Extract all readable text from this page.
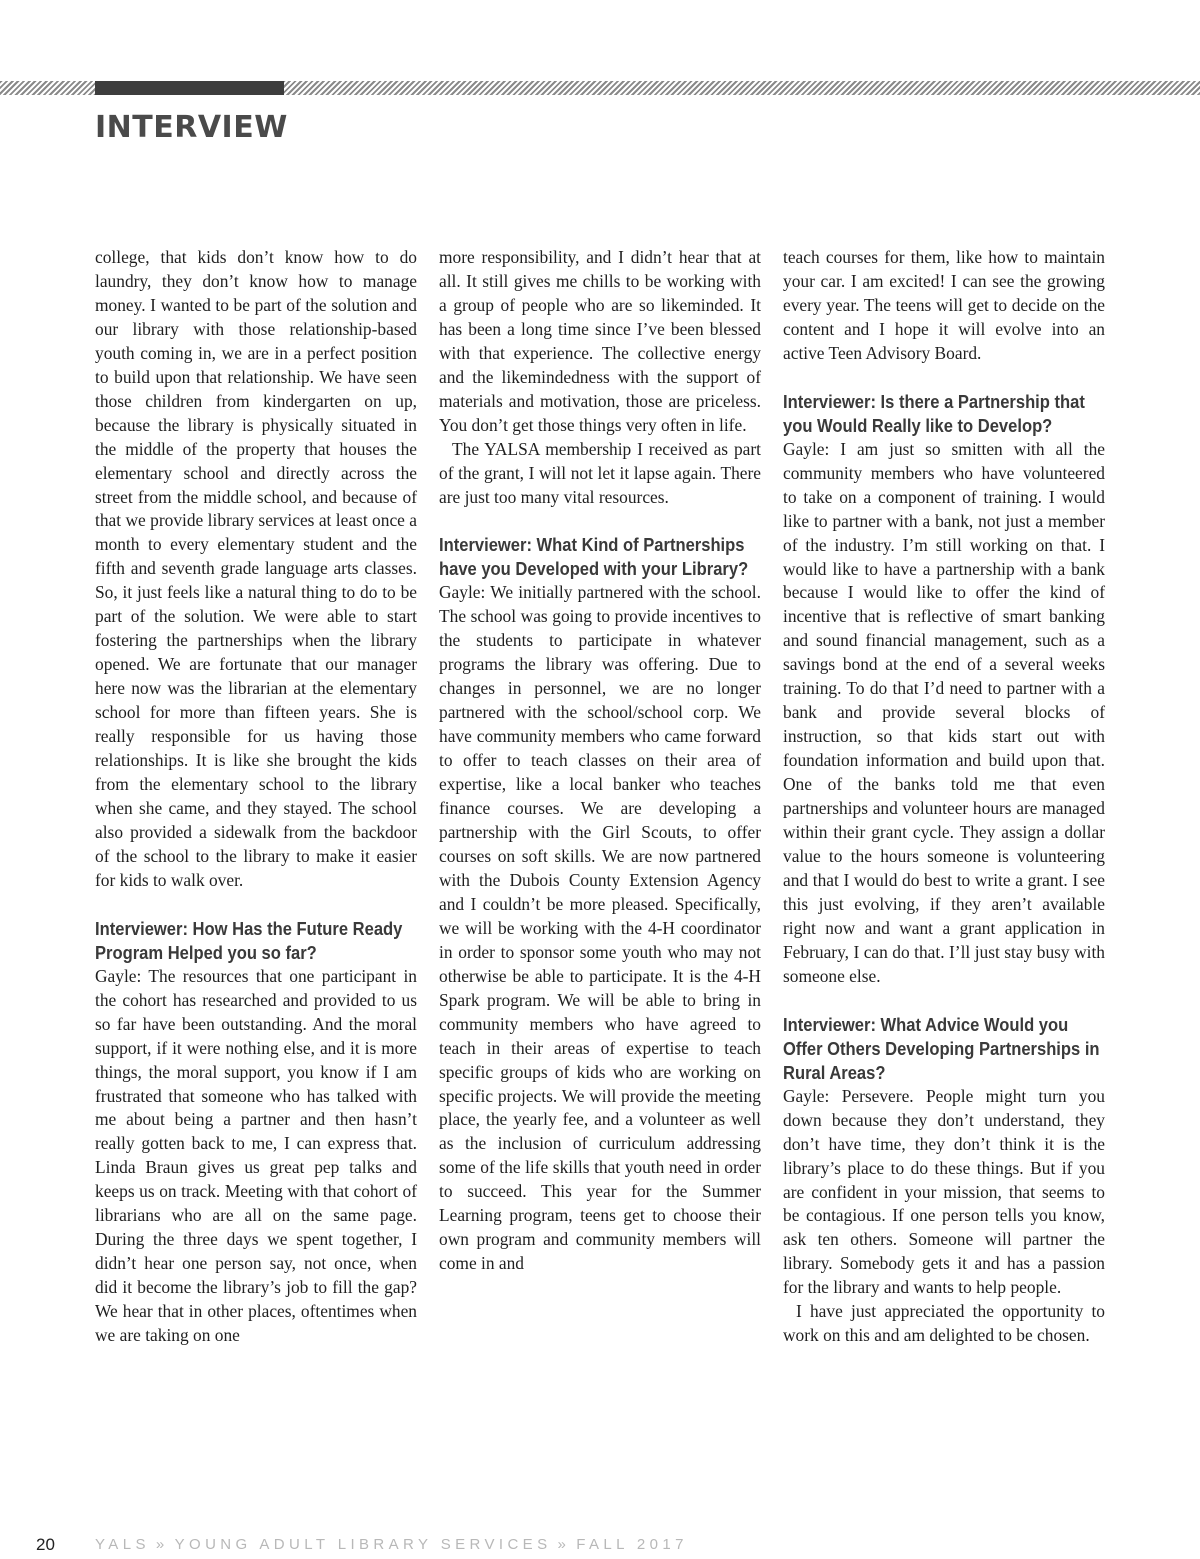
INTERVIEW

college, that kids don’t know how to do laundry, they don’t know how to manage money. I wanted to be part of the solution and our library with those relationship-based youth coming in, we are in a perfect position to build upon that relationship. We have seen those children from kindergarten on up, because the library is physically situated in the middle of the property that houses the elementary school and directly across the street from the middle school, and because of that we provide library services at least once a month to every elementary student and the fifth and seventh grade language arts classes. So, it just feels like a natural thing to do to be part of the solution. We were able to start fostering the partnerships when the library opened. We are fortunate that our manager here now was the librarian at the elementary school for more than fifteen years. She is really responsible for us having those relationships. It is like she brought the kids from the elementary school to the library when she came, and they stayed. The school also provided a sidewalk from the backdoor of the school to the library to make it easier for kids to walk over.

Interviewer: How Has the Future Ready Program Helped you so far?

Gayle: The resources that one participant in the cohort has researched and provided to us so far have been outstanding. And the moral support, if it were nothing else, and it is more things, the moral support, you know if I am frustrated that someone who has talked with me about being a partner and then hasn’t really gotten back to me, I can express that. Linda Braun gives us great pep talks and keeps us on track. Meeting with that cohort of librarians who are all on the same page. During the three days we spent together, I didn’t hear one person say, not once, when did it become the library’s job to fill the gap? We hear that in other places, oftentimes when we are taking on one

more responsibility, and I didn’t hear that at all. It still gives me chills to be working with a group of people who are so likeminded. It has been a long time since I’ve been blessed with that experience. The collective energy and the likemindedness with the support of materials and motivation, those are priceless. You don’t get those things very often in life.

The YALSA membership I received as part of the grant, I will not let it lapse again. There are just too many vital resources.

Interviewer: What Kind of Partnerships have you Developed with your Library?

Gayle: We initially partnered with the school. The school was going to provide incentives to the students to participate in whatever programs the library was offering. Due to changes in personnel, we are no longer partnered with the school/school corp. We have community members who came forward to offer to teach classes on their area of expertise, like a local banker who teaches finance courses. We are developing a partnership with the Girl Scouts, to offer courses on soft skills. We are now partnered with the Dubois County Extension Agency and I couldn’t be more pleased. Specifically, we will be working with the 4-H coordinator in order to sponsor some youth who may not otherwise be able to participate. It is the 4-H Spark program. We will be able to bring in community members who have agreed to teach in their areas of expertise to teach specific groups of kids who are working on specific projects. We will provide the meeting place, the yearly fee, and a volunteer as well as the inclusion of curriculum addressing some of the life skills that youth need in order to succeed. This year for the Summer Learning program, teens get to choose their own program and community members will come in and

teach courses for them, like how to maintain your car. I am excited! I can see the growing every year. The teens will get to decide on the content and I hope it will evolve into an active Teen Advisory Board.

Interviewer: Is there a Partnership that you Would Really like to Develop?

Gayle: I am just so smitten with all the community members who have volunteered to take on a component of training. I would like to partner with a bank, not just a member of the industry. I’m still working on that. I would like to have a partnership with a bank because I would like to offer the kind of incentive that is reflective of smart banking and sound financial management, such as a savings bond at the end of a several weeks training. To do that I’d need to partner with a bank and provide several blocks of instruction, so that kids start out with foundation information and build upon that. One of the banks told me that even partnerships and volunteer hours are managed within their grant cycle. They assign a dollar value to the hours someone is volunteering and that I would do best to write a grant. I see this just evolving, if they aren’t available right now and want a grant application in February, I can do that. I’ll just stay busy with someone else.

Interviewer: What Advice Would you Offer Others Developing Partnerships in Rural Areas?

Gayle: Persevere. People might turn you down because they don’t understand, they don’t have time, they don’t think it is the library’s place to do these things. But if you are confident in your mission, that seems to be contagious. If one person tells you know, ask ten others. Someone will partner the library. Somebody gets it and has a passion for the library and wants to help people.

I have just appreciated the opportunity to work on this and am delighted to be chosen.

20	YALS » YOUNG ADULT LIBRARY SERVICES » FALL 2017
